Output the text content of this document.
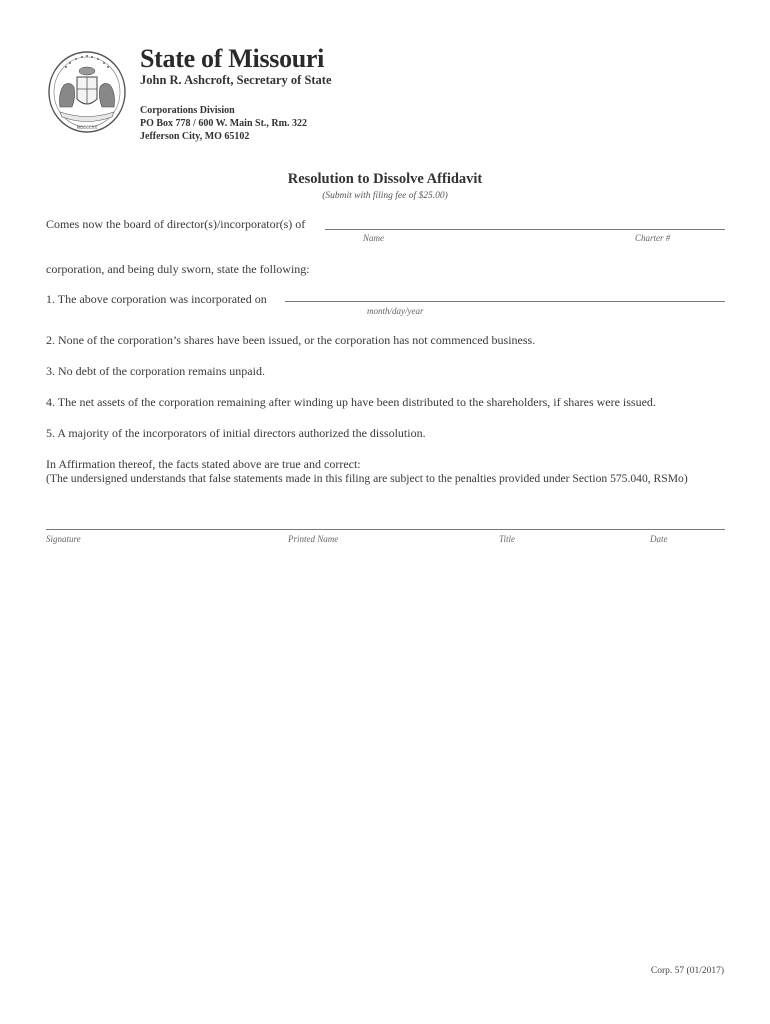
MDCCCXX
State of Missouri
John R. Ashcroft, Secretary of State
Corporations Division
PO Box 778 / 600 W. Main St., Rm. 322
Jefferson City, MO 65102
Resolution to Dissolve Affidavit
(Submit with filing fee of $25.00)
Comes now the board of director(s)/incorporator(s) of
Name	Charter #
corporation, and being duly sworn, state the following:
1. The above corporation was incorporated on
month/day/year
2. None of the corporation’s shares have been issued, or the corporation has not commenced business.
3. No debt of the corporation remains unpaid.
4. The net assets of the corporation remaining after winding up have been distributed to the shareholders, if shares were issued.
5. A majority of the incorporators of initial directors authorized the dissolution.
In Affirmation thereof, the facts stated above are true and correct:
(The undersigned understands that false statements made in this filing are subject to the penalties provided under Section 575.040, RSMo)
Signature	Printed Name	Title	Date
Corp. 57 (01/2017)
